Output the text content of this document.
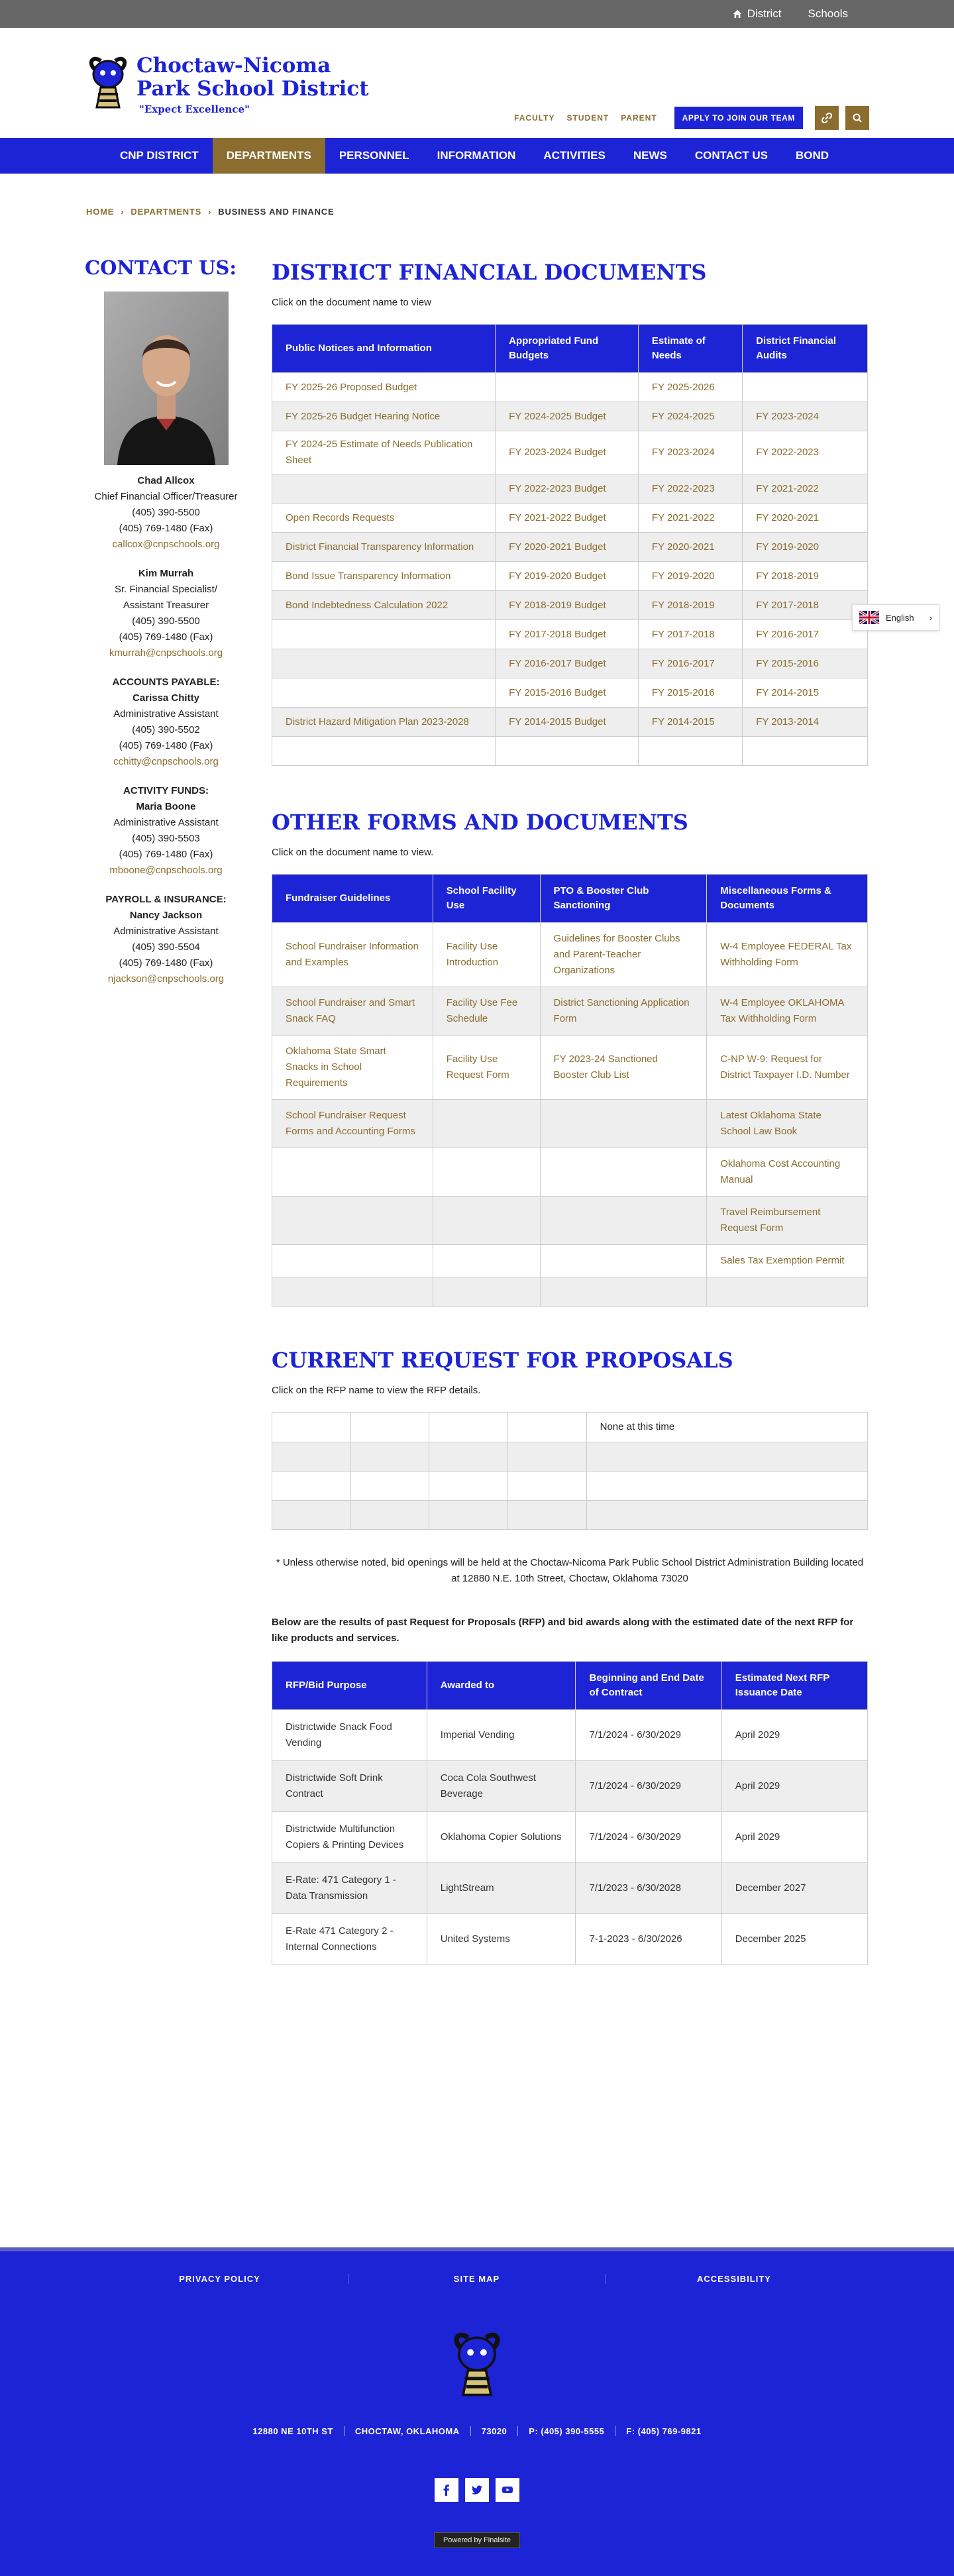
District Schools
Choctaw-Nicoma
Park School District
"Expect Excellence"
FACULTY STUDENT PARENT	APPLY TO JOIN OUR TEAM
CNP DISTRICT	DEPARTMENTS	PERSONNEL	INFORMATION	ACTIVITIES	NEWS	CONTACT US	BOND
HOME › DEPARTMENTS › BUSINESS AND FINANCE
CONTACT US:
Chad Allcox
Chief Financial Officer/Treasurer
(405) 390-5500
(405) 769-1480 (Fax)
callcox@cnpschools.org
Kim Murrah
Sr. Financial Specialist/
Assistant Treasurer
(405) 390-5500
(405) 769-1480 (Fax)
kmurrah@cnpschools.org
ACCOUNTS PAYABLE:
Carissa Chitty
Administrative Assistant
(405) 390-5502
(405) 769-1480 (Fax)
cchitty@cnpschools.org
ACTIVITY FUNDS:
Maria Boone
Administrative Assistant
(405) 390-5503
(405) 769-1480 (Fax)
mboone@cnpschools.org
PAYROLL & INSURANCE:
Nancy Jackson
Administrative Assistant
(405) 390-5504
(405) 769-1480 (Fax)
njackson@cnpschools.org
DISTRICT FINANCIAL DOCUMENTS

Click on the document name to view

Public Notices and Information	Appropriated Fund Budgets	Estimate of Needs	District Financial Audits
FY 2025-26 Proposed Budget		FY 2025-2026	
FY 2025-26 Budget Hearing Notice	FY 2024-2025 Budget	FY 2024-2025	FY 2023-2024
FY 2024-25 Estimate of Needs Publication Sheet	FY 2023-2024 Budget	FY 2023-2024	FY 2022-2023
	FY 2022-2023 Budget	FY 2022-2023	FY 2021-2022
Open Records Requests	FY 2021-2022 Budget	FY 2021-2022	FY 2020-2021
District Financial Transparency Information	FY 2020-2021 Budget	FY 2020-2021	FY 2019-2020
Bond Issue Transparency Information	FY 2019-2020 Budget	FY 2019-2020	FY 2018-2019
Bond Indebtedness Calculation 2022	FY 2018-2019 Budget	FY 2018-2019	FY 2017-2018
	FY 2017-2018 Budget	FY 2017-2018	FY 2016-2017
	FY 2016-2017 Budget	FY 2016-2017	FY 2015-2016
	FY 2015-2016 Budget	FY 2015-2016	FY 2014-2015
District Hazard Mitigation Plan 2023-2028	FY 2014-2015 Budget	FY 2014-2015	FY 2013-2014

OTHER FORMS AND DOCUMENTS

Click on the document name to view.

Fundraiser Guidelines	School Facility Use	PTO & Booster Club Sanctioning	Miscellaneous Forms & Documents
School Fundraiser Information and Examples	Facility Use Introduction	Guidelines for Booster Clubs and Parent-Teacher Organizations	W-4 Employee FEDERAL Tax Withholding Form
School Fundraiser and Smart Snack FAQ	Facility Use Fee Schedule	District Sanctioning Application Form	W-4 Employee OKLAHOMA Tax Withholding Form
Oklahoma State Smart Snacks in School Requirements	Facility Use Request Form	FY 2023-24 Sanctioned Booster Club List	C-NP W-9: Request for District Taxpayer I.D. Number
School Fundraiser Request Forms and Accounting Forms			Latest Oklahoma State School Law Book
			Oklahoma Cost Accounting Manual
			Travel Reimbursement Request Form
			Sales Tax Exemption Permit

CURRENT REQUEST FOR PROPOSALS

Click on the RFP name to view the RFP details.

				None at this time

* Unless otherwise noted, bid openings will be held at the Choctaw-Nicoma Park Public School District Administration Building located at 12880 N.E. 10th Street, Choctaw, Oklahoma 73020

Below are the results of past Request for Proposals (RFP) and bid awards along with the estimated date of the next RFP for like products and services.

RFP/Bid Purpose	Awarded to	Beginning and End Date of Contract	Estimated Next RFP Issuance Date
Districtwide Snack Food Vending	Imperial Vending	7/1/2024 - 6/30/2029	April 2029
Districtwide Soft Drink Contract	Coca Cola Southwest Beverage	7/1/2024 - 6/30/2029	April 2029
Districtwide Multifunction Copiers & Printing Devices	Oklahoma Copier Solutions	7/1/2024 - 6/30/2029	April 2029
E-Rate: 471 Category 1 - Data Transmission	LightStream	7/1/2023 - 6/30/2028	December 2027
E-Rate 471 Category 2 - Internal Connections	United Systems	7-1-2023 - 6/30/2026	December 2025
English ›
PRIVACY POLICY	SITE MAP	ACCESSIBILITY
12880 NE 10TH ST	CHOCTAW, OKLAHOMA	73020	P: (405) 390-5555	F: (405) 769-9821
Powered by Finalsite
